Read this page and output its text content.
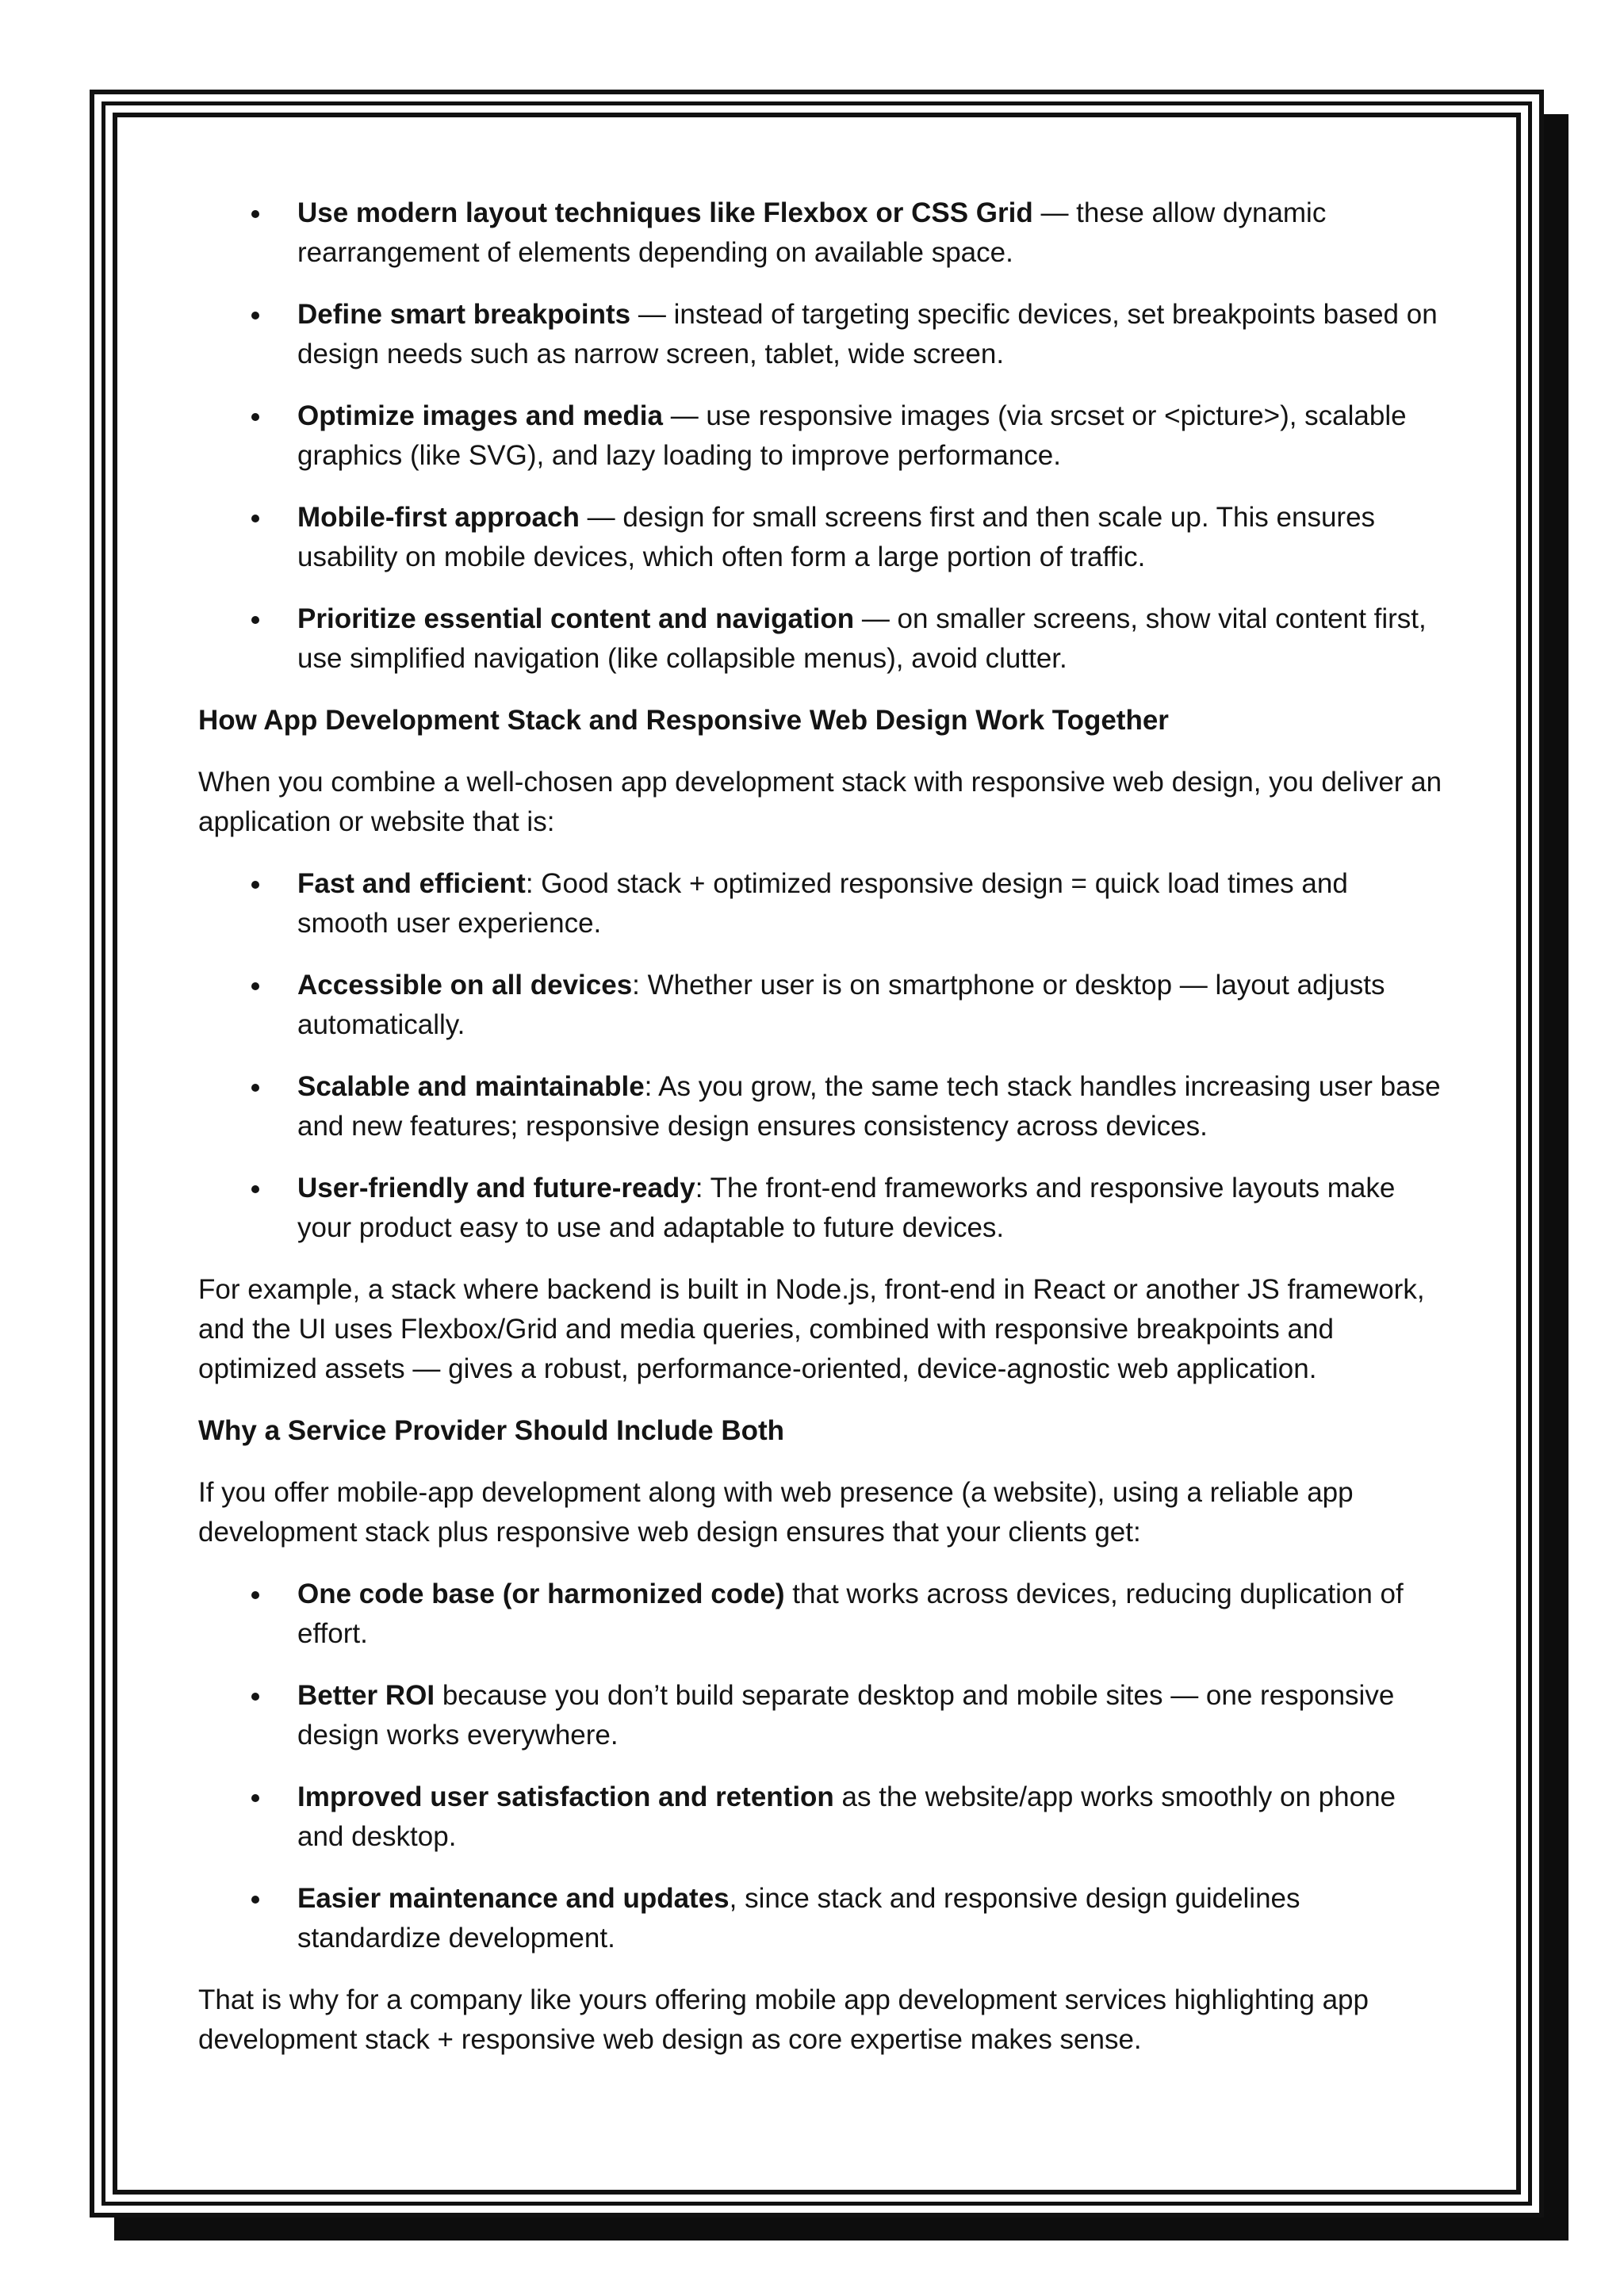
Use modern layout techniques like Flexbox or CSS Grid — these allow dynamic rearrangement of elements depending on available space.
Define smart breakpoints — instead of targeting specific devices, set breakpoints based on design needs such as narrow screen, tablet, wide screen.
Optimize images and media — use responsive images (via srcset or <picture>), scalable graphics (like SVG), and lazy loading to improve performance.
Mobile-first approach — design for small screens first and then scale up. This ensures usability on mobile devices, which often form a large portion of traffic.
Prioritize essential content and navigation — on smaller screens, show vital content first, use simplified navigation (like collapsible menus), avoid clutter.
How App Development Stack and Responsive Web Design Work Together

When you combine a well-chosen app development stack with responsive web design, you deliver an application or website that is:

Fast and efficient: Good stack + optimized responsive design = quick load times and smooth user experience.
Accessible on all devices: Whether user is on smartphone or desktop — layout adjusts automatically.
Scalable and maintainable: As you grow, the same tech stack handles increasing user base and new features; responsive design ensures consistency across devices.
User-friendly and future-ready: The front-end frameworks and responsive layouts make your product easy to use and adaptable to future devices.

For example, a stack where backend is built in Node.js, front-end in React or another JS framework, and the UI uses Flexbox/Grid and media queries, combined with responsive breakpoints and optimized assets — gives a robust, performance-oriented, device-agnostic web application.

Why a Service Provider Should Include Both

If you offer mobile-app development along with web presence (a website), using a reliable app development stack plus responsive web design ensures that your clients get:

One code base (or harmonized code) that works across devices, reducing duplication of effort.
Better ROI because you don’t build separate desktop and mobile sites — one responsive design works everywhere.
Improved user satisfaction and retention as the website/app works smoothly on phone and desktop.
Easier maintenance and updates, since stack and responsive design guidelines standardize development.

That is why for a company like yours offering mobile app development services highlighting app development stack + responsive web design as core expertise makes sense.
